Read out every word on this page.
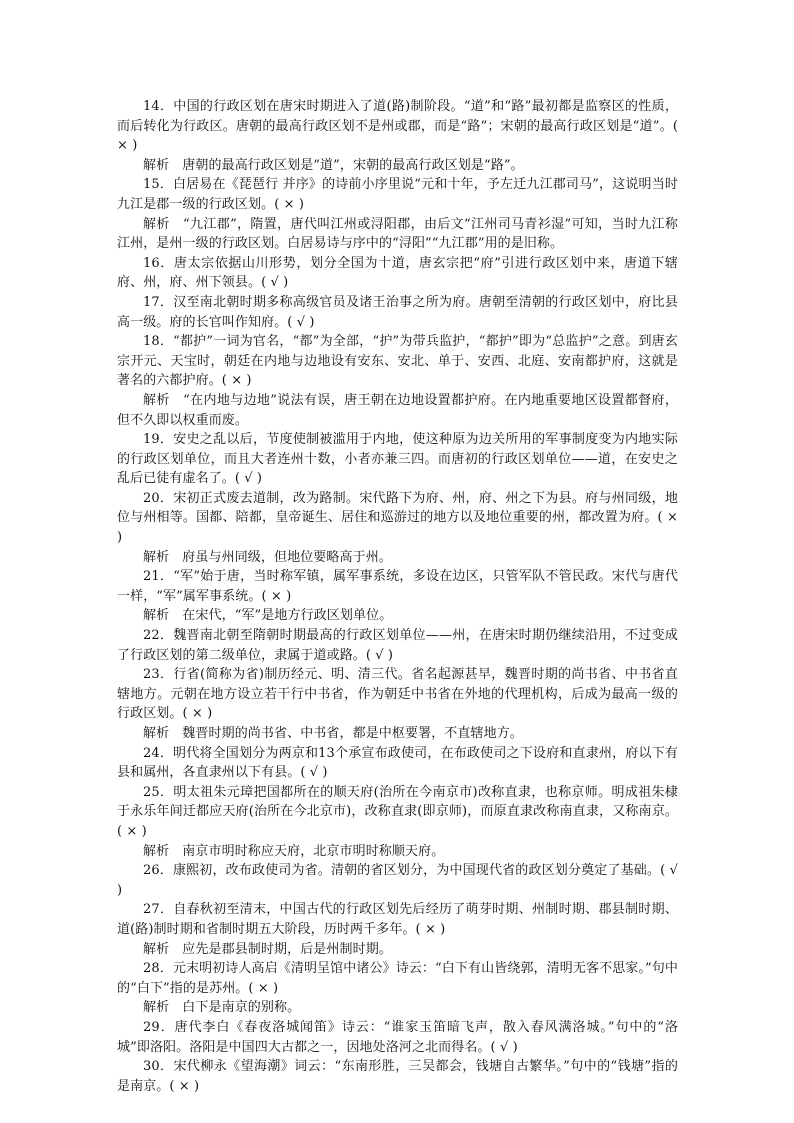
14．中国的行政区划在唐宋时期进入了道(路)制阶段。“道”和“路”最初都是监察区的性质，而后转化为行政区。唐朝的最高行政区划不是州或郡，而是“路”；宋朝的最高行政区划是“道”。( × )

解析　唐朝的最高行政区划是“道”，宋朝的最高行政区划是“路”。

15．白居易在《琵琶行 并序》的诗前小序里说“元和十年，予左迁九江郡司马”，这说明当时九江是郡一级的行政区划。( × )

解析　“九江郡”，隋置，唐代叫江州或浔阳郡，由后文“江州司马青衫湿”可知，当时九江称江州，是州一级的行政区划。白居易诗与序中的“浔阳”“九江郡”用的是旧称。

16．唐太宗依据山川形势，划分全国为十道，唐玄宗把“府”引进行政区划中来，唐道下辖府、州，府、州下领县。( √ )

17．汉至南北朝时期多称高级官员及诸王治事之所为府。唐朝至清朝的行政区划中，府比县高一级。府的长官叫作知府。( √ )

18．“都护”一词为官名，“都”为全部，“护”为带兵监护，“都护”即为“总监护”之意。到唐玄宗开元、天宝时，朝廷在内地与边地设有安东、安北、单于、安西、北庭、安南都护府，这就是著名的六都护府。( × )

解析　“在内地与边地”说法有误，唐王朝在边地设置都护府。在内地重要地区设置都督府，但不久即以权重而废。

19．安史之乱以后，节度使制被滥用于内地，使这种原为边关所用的军事制度变为内地实际的行政区划单位，而且大者连州十数，小者亦兼三四。而唐初的行政区划单位——道，在安史之乱后已徒有虚名了。( √ )

20．宋初正式废去道制，改为路制。宋代路下为府、州，府、州之下为县。府与州同级，地位与州相等。国都、陪都，皇帝诞生、居住和巡游过的地方以及地位重要的州，都改置为府。( × )

解析　府虽与州同级，但地位要略高于州。

21．“军”始于唐，当时称军镇，属军事系统，多设在边区，只管军队不管民政。宋代与唐代一样，“军”属军事系统。( × )

解析　在宋代，“军”是地方行政区划单位。

22．魏晋南北朝至隋朝时期最高的行政区划单位——州，在唐宋时期仍继续沿用，不过变成了行政区划的第二级单位，隶属于道或路。( √ )

23．行省(简称为省)制历经元、明、清三代。省名起源甚早，魏晋时期的尚书省、中书省直辖地方。元朝在地方设立若干行中书省，作为朝廷中书省在外地的代理机构，后成为最高一级的行政区划。( × )

解析　魏晋时期的尚书省、中书省，都是中枢要署，不直辖地方。

24．明代将全国划分为两京和13个承宣布政使司，在布政使司之下设府和直隶州，府以下有县和属州，各直隶州以下有县。( √ )

25．明太祖朱元璋把国都所在的顺天府(治所在今南京市)改称直隶，也称京师。明成祖朱棣于永乐年间迁都应天府(治所在今北京市)，改称直隶(即京师)，而原直隶改称南直隶，又称南京。( × )

解析　南京市明时称应天府，北京市明时称顺天府。

26．康熙初，改布政使司为省。清朝的省区划分，为中国现代省的政区划分奠定了基础。( √ )

27．自春秋初至清末，中国古代的行政区划先后经历了萌芽时期、州制时期、郡县制时期、道(路)制时期和省制时期五大阶段，历时两千多年。( × )

解析　应先是郡县制时期，后是州制时期。

28．元末明初诗人高启《清明呈馆中诸公》诗云：“白下有山皆绕郭，清明无客不思家。”句中的“白下”指的是苏州。( × )

解析　白下是南京的别称。

29．唐代李白《春夜洛城闻笛》诗云：“谁家玉笛暗飞声，散入春风满洛城。”句中的“洛城”即洛阳。洛阳是中国四大古都之一，因地处洛河之北而得名。( √ )

30．宋代柳永《望海潮》词云：“东南形胜，三吴都会，钱塘自古繁华。”句中的“钱塘”指的是南京。( × )
